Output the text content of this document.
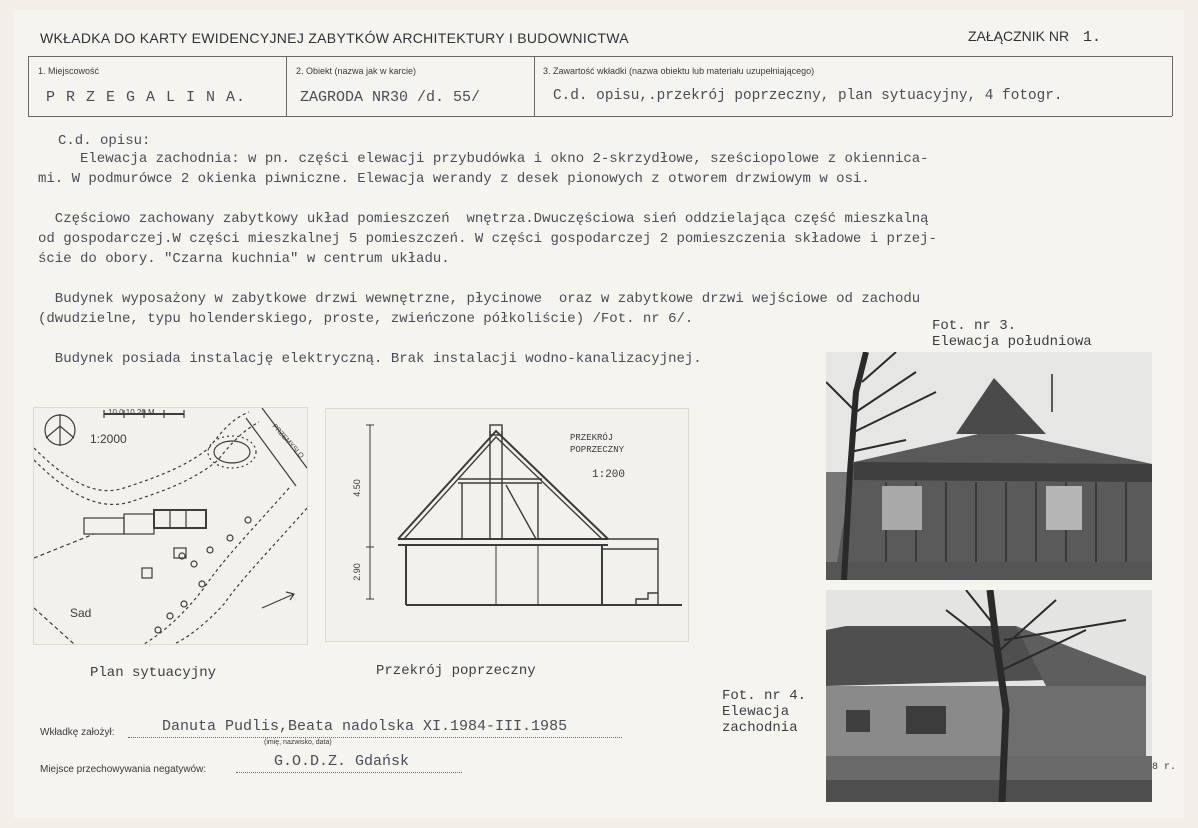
WKŁADKA DO KARTY EWIDENCYJNEJ ZABYTKÓW ARCHITEKTURY I BUDOWNICTWA	ZAŁĄCZNIK NR 1.
1. Miejscowość
P R Z E G A L I N A.
2. Obiekt (nazwa jak w karcie)
ZAGRODA NR30 /d. 55/
3. Zawartość wkładki (nazwa obiektu lub materiału uzupełniającego)
C.d. opisu,.przekrój poprzeczny, plan sytuacyjny, 4 fotogr.
C.d. opisu:
Elewacja zachodnia: w pn. części elewacji przybudówka i okno 2-skrzydłowe, sześciopolowe z okiennica-
mi. W podmurówce 2 okienka piwniczne. Elewacja werandy z desek pionowych z otworem drzwiowym w osi.

Częściowo zachowany zabytkowy układ pomieszczeń  wnętrza.Dwuczęściowa sień oddzielająca część mieszkalną
od gospodarczej.W części mieszkalnej 5 pomieszczeń. W części gospodarczej 2 pomieszczenia składowe i przej-
ście do obory. "Czarna kuchnia" w centrum układu.

Budynek wyposażony w zabytkowe drzwi wewnętrzne, płycinowe  oraz w zabytkowe drzwi wejściowe od zachodu
(dwudzielne, typu holenderskiego, proste, zwieńczone półkoliście) /Fot. nr 6/.

Budynek posiada instalację elektryczną. Brak instalacji wodno-kanalizacyjnej.
1:2000
10 0 10 20 M
Sad
PRZEMYSLO
Plan sytuacyjny
PRZEKRÓJ
POPRZECZNY
1:200
4.50
2.90
Przekrój poprzeczny
Fot. nr 3.
Elewacja południowa
Fot. nr 4.
Elewacja
zachodnia
8 r.
Wkładkę założył:	Danuta Pudlis,Beata nadolska XI.1984-III.1985
(imię, nazwisko, data)
Miejsce przechowywania negatywów:	G.O.D.Z. Gdańsk
